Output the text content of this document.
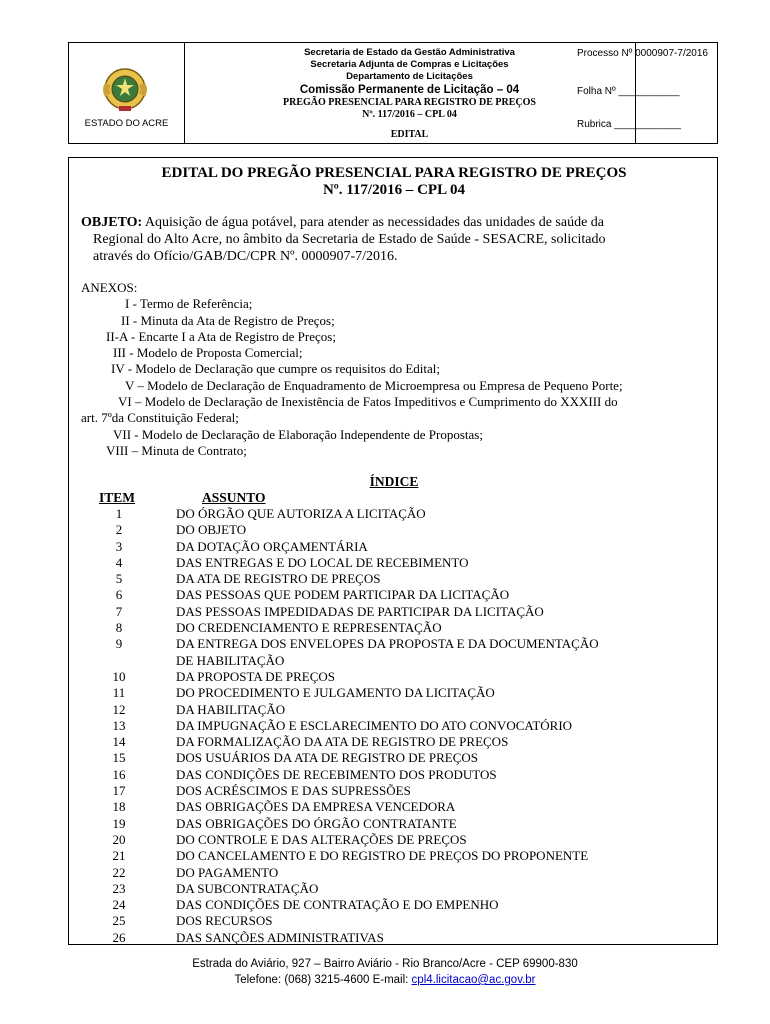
ESTADO DO ACRE
Secretaria de Estado da Gestão Administrativa
Secretaria Adjunta de Compras e Licitações
Departamento de Licitações
Comissão Permanente de Licitação – 04
PREGÃO PRESENCIAL PARA REGISTRO DE PREÇOS
Nº. 117/2016 – CPL 04
EDITAL
Processo Nº 0000907-7/2016
Folha Nº ___________
Rubrica ____________
EDITAL DO PREGÃO PRESENCIAL PARA REGISTRO DE PREÇOS
Nº. 117/2016 – CPL 04

OBJETO: Aquisição de água potável, para atender as necessidades das unidades de saúde da

Regional do Alto Acre, no âmbito da Secretaria de Estado de Saúde - SESACRE, solicitado

através do Ofício/GAB/DC/CPR Nº. 0000907-7/2016.

ANEXOS:
I - Termo de Referência;
II - Minuta da Ata de Registro de Preços;
II-A - Encarte I a Ata de Registro de Preços;
III - Modelo de Proposta Comercial;
IV - Modelo de Declaração que cumpre os requisitos do Edital;
V – Modelo de Declaração de Enquadramento de Microempresa ou Empresa de Pequeno Porte;
VI – Modelo de Declaração de Inexistência de Fatos Impeditivos e Cumprimento do XXXIII do
art. 7ºda Constituição Federal;
VII - Modelo de Declaração de Elaboração Independente de Propostas;
VIII – Minuta de Contrato;
ÍNDICE
ITEM	ASSUNTO
1	DO ÓRGÃO QUE AUTORIZA A LICITAÇÃO
2	DO OBJETO
3	DA DOTAÇÃO ORÇAMENTÁRIA
4	DAS ENTREGAS E DO LOCAL DE RECEBIMENTO
5	DA ATA DE REGISTRO DE PREÇOS
6	DAS PESSOAS QUE PODEM PARTICIPAR DA LICITAÇÃO
7	DAS PESSOAS IMPEDIDADAS DE PARTICIPAR DA LICITAÇÃO
8	DO CREDENCIAMENTO E REPRESENTAÇÃO
9	DA ENTREGA DOS ENVELOPES DA PROPOSTA E DA DOCUMENTAÇÃO
DE HABILITAÇÃO
10	DA PROPOSTA DE PREÇOS
11	DO PROCEDIMENTO E JULGAMENTO DA LICITAÇÃO
12	DA HABILITAÇÃO
13	DA IMPUGNAÇÃO E ESCLARECIMENTO DO ATO CONVOCATÓRIO
14	DA FORMALIZAÇÃO DA ATA DE REGISTRO DE PREÇOS
15	DOS USUÁRIOS DA ATA DE REGISTRO DE PREÇOS
16	DAS CONDIÇÕES DE RECEBIMENTO DOS PRODUTOS
17	DOS ACRÉSCIMOS E DAS SUPRESSÕES
18	DAS OBRIGAÇÕES DA EMPRESA VENCEDORA
19	DAS OBRIGAÇÕES DO ÓRGÃO CONTRATANTE
20	DO CONTROLE E DAS ALTERAÇÕES DE PREÇOS
21	DO CANCELAMENTO E DO REGISTRO DE PREÇOS DO PROPONENTE
22	DO PAGAMENTO
23	DA SUBCONTRATAÇÃO
24	DAS CONDIÇÕES DE CONTRATAÇÃO E DO EMPENHO
25	DOS RECURSOS
26	DAS SANÇÕES ADMINISTRATIVAS
Estrada do Aviário, 927 – Bairro Aviário - Rio Branco/Acre - CEP 69900-830
Telefone: (068) 3215-4600 E-mail: cpl4.licitacao@ac.gov.br
